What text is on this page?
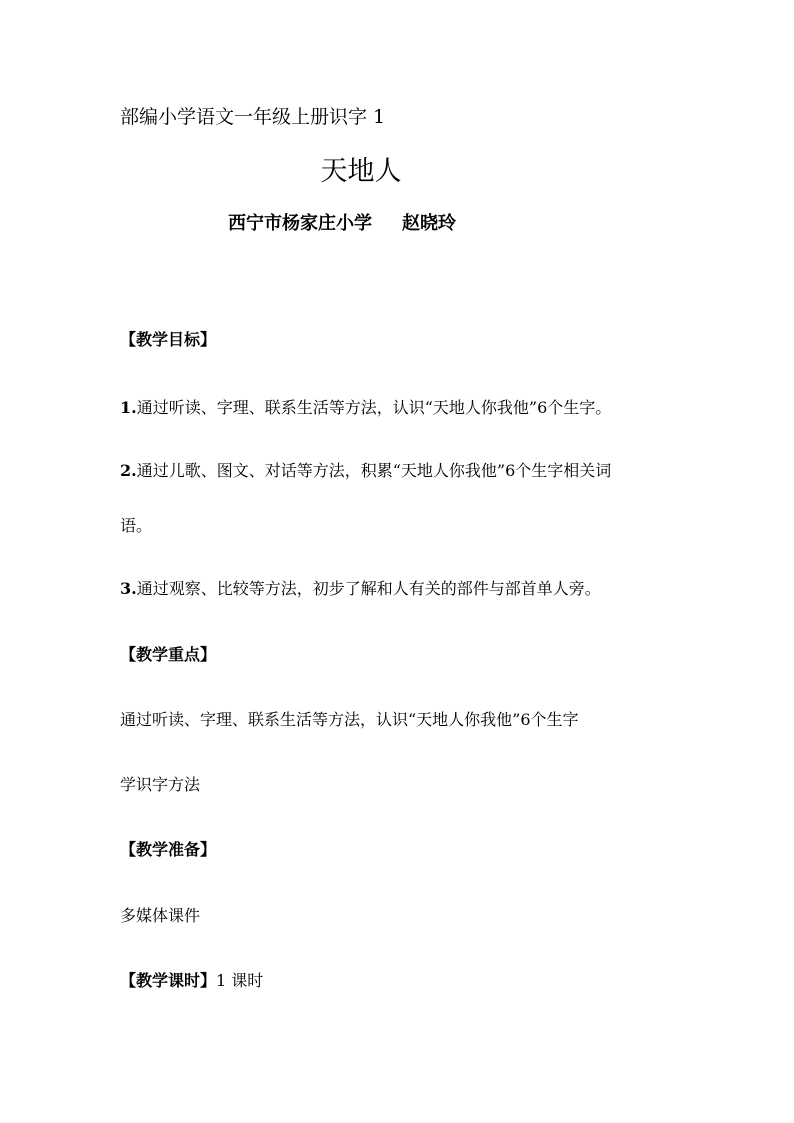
部编小学语文一年级上册识字 1
天地人
西宁市杨家庄小学 赵晓玲
【教学目标】
1.通过听读、字理、联系生活等方法，认识“天地人你我他”6个生字。
2.通过儿歌、图文、对话等方法，积累“天地人你我他”6个生字相关词
语。
3.通过观察、比较等方法，初步了解和人有关的部件与部首单人旁。
【教学重点】
通过听读、字理、联系生活等方法，认识“天地人你我他”6个生字
学识字方法
【教学准备】
多媒体课件
【教学课时】1 课时
